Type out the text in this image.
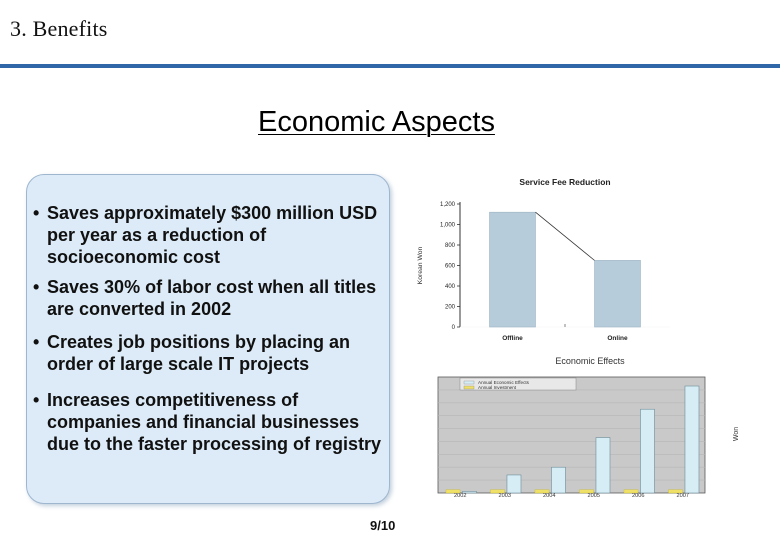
3. Benefits
Economic Aspects
• Saves approximately $300 million USD per year as a reduction of socioeconomic cost
• Saves 30% of labor cost when all titles are converted in 2002
• Creates job positions by placing an order of large scale IT projects
• Increases competitiveness of companies and financial businesses due to the faster processing of registry
Service Fee Reduction
Korean Won
0
200
400
600
800
1,000
1,200
Offline	Online
Economic Effects
Annual Economic Effects
Annual Investment
2002	2003	2004	2005	2006	2007
Won
9/10
